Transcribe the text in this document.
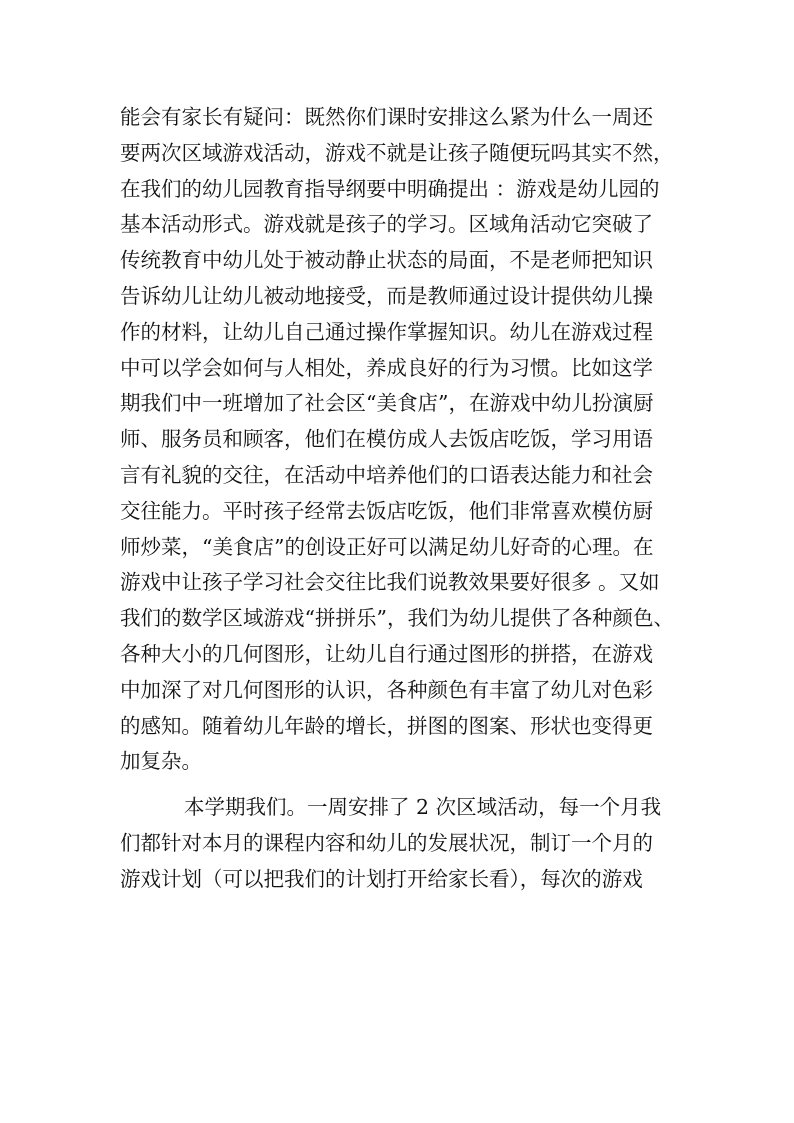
能会有家长有疑问：既然你们课时安排这么紧为什么一周还
要两次区域游戏活动，游戏不就是让孩子随便玩吗其实不然，
在我们的幼儿园教育指导纲要中明确提出 ：游戏是幼儿园的
基本活动形式。游戏就是孩子的学习。区域角活动它突破了
传统教育中幼儿处于被动静止状态的局面，不是老师把知识
告诉幼儿让幼儿被动地接受，而是教师通过设计提供幼儿操
作的材料，让幼儿自己通过操作掌握知识。幼儿在游戏过程
中可以学会如何与人相处，养成良好的行为习惯。比如这学
期我们中一班增加了社会区“美食店”，在游戏中幼儿扮演厨
师、服务员和顾客，他们在模仿成人去饭店吃饭，学习用语
言有礼貌的交往，在活动中培养他们的口语表达能力和社会
交往能力。平时孩子经常去饭店吃饭，他们非常喜欢模仿厨
师炒菜，“美食店”的创设正好可以满足幼儿好奇的心理。在
游戏中让孩子学习社会交往比我们说教效果要好很多 。又如
我们的数学区域游戏“拼拼乐”，我们为幼儿提供了各种颜色、
各种大小的几何图形，让幼儿自行通过图形的拼搭，在游戏
中加深了对几何图形的认识，各种颜色有丰富了幼儿对色彩
的感知。随着幼儿年龄的增长，拼图的图案、形状也变得更
加复杂。
本学期我们。一周安排了 2 次区域活动，每一个月我
们都针对本月的课程内容和幼儿的发展状况，制订一个月的
游戏计划（可以把我们的计划打开给家长看），每次的游戏
